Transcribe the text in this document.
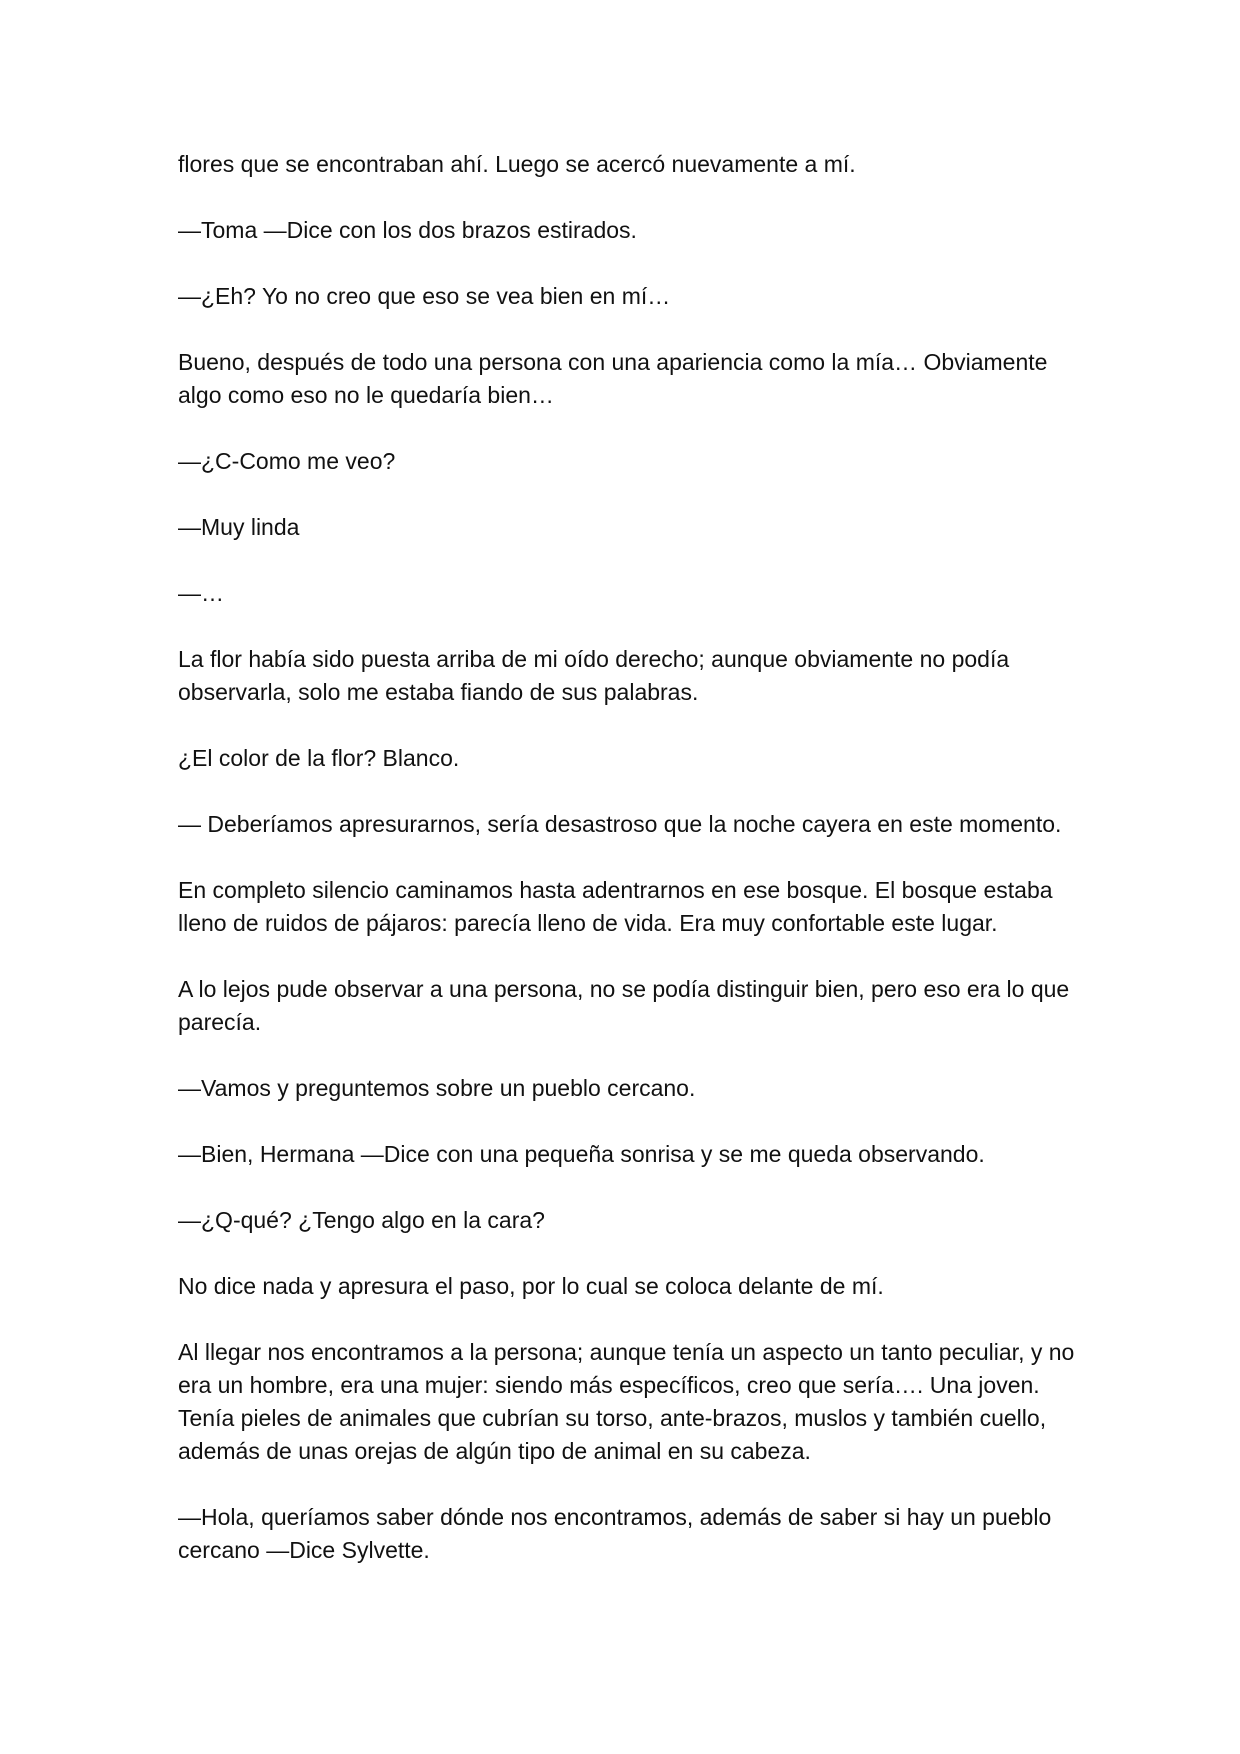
flores que se encontraban ahí. Luego se acercó nuevamente a mí.

—Toma —Dice con los dos brazos estirados.

—¿Eh? Yo no creo que eso se vea bien en mí…

Bueno, después de todo una persona con una apariencia como la mía… Obviamente algo como eso no le quedaría bien…

—¿C-Como me veo?

—Muy linda

—…

La flor había sido puesta arriba de mi oído derecho; aunque obviamente no podía observarla, solo me estaba fiando de sus palabras.

¿El color de la flor? Blanco.

— Deberíamos apresurarnos, sería desastroso que la noche cayera en este momento.

En completo silencio caminamos hasta adentrarnos en ese bosque. El bosque estaba lleno de ruidos de pájaros: parecía lleno de vida. Era muy confortable este lugar.

A lo lejos pude observar a una persona, no se podía distinguir bien, pero eso era lo que parecía.

—Vamos y preguntemos sobre un pueblo cercano.

—Bien, Hermana —Dice con una pequeña sonrisa y se me queda observando.

—¿Q-qué? ¿Tengo algo en la cara?

No dice nada y apresura el paso, por lo cual se coloca delante de mí.

Al llegar nos encontramos a la persona; aunque tenía un aspecto un tanto peculiar, y no era un hombre, era una mujer: siendo más específicos, creo que sería…. Una joven. Tenía pieles de animales que cubrían su torso, ante-brazos, muslos y también cuello, además de unas orejas de algún tipo de animal en su cabeza.

—Hola, queríamos saber dónde nos encontramos, además de saber si hay un pueblo cercano —Dice Sylvette.
